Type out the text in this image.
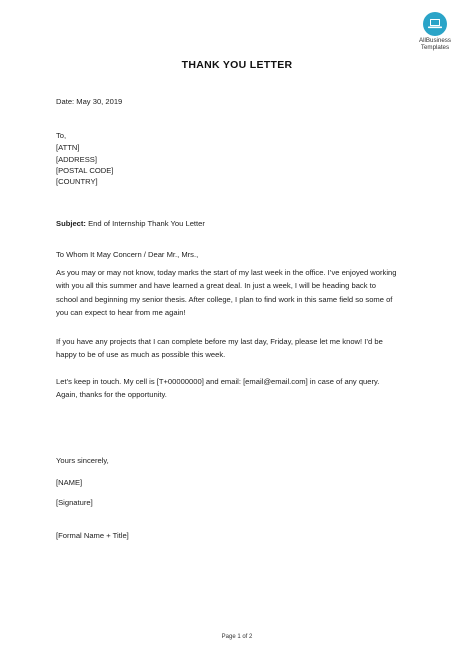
AllBusiness
Templates
THANK YOU LETTER
Date: May 30, 2019
To,
[ATTN]
[ADDRESS]
[POSTAL CODE]
[COUNTRY]
Subject: End of Internship Thank You Letter
To Whom It May Concern / Dear Mr., Mrs.,
As you may or may not know, today marks the start of my last week in the office. I’ve enjoyed working
with you all this summer and have learned a great deal. In just a week, I will be heading back to
school and beginning my senior thesis. After college, I plan to find work in this same field so some of
you can expect to hear from me again!
If you have any projects that I can complete before my last day, Friday, please let me know! I’d be
happy to be of use as much as possible this week.
Let’s keep in touch. My cell is [T+00000000] and email: [email@email.com] in case of any query.
Again, thanks for the opportunity.
Yours sincerely,
[NAME]
[Signature]
[Formal Name + Title]
Page 1 of 2
